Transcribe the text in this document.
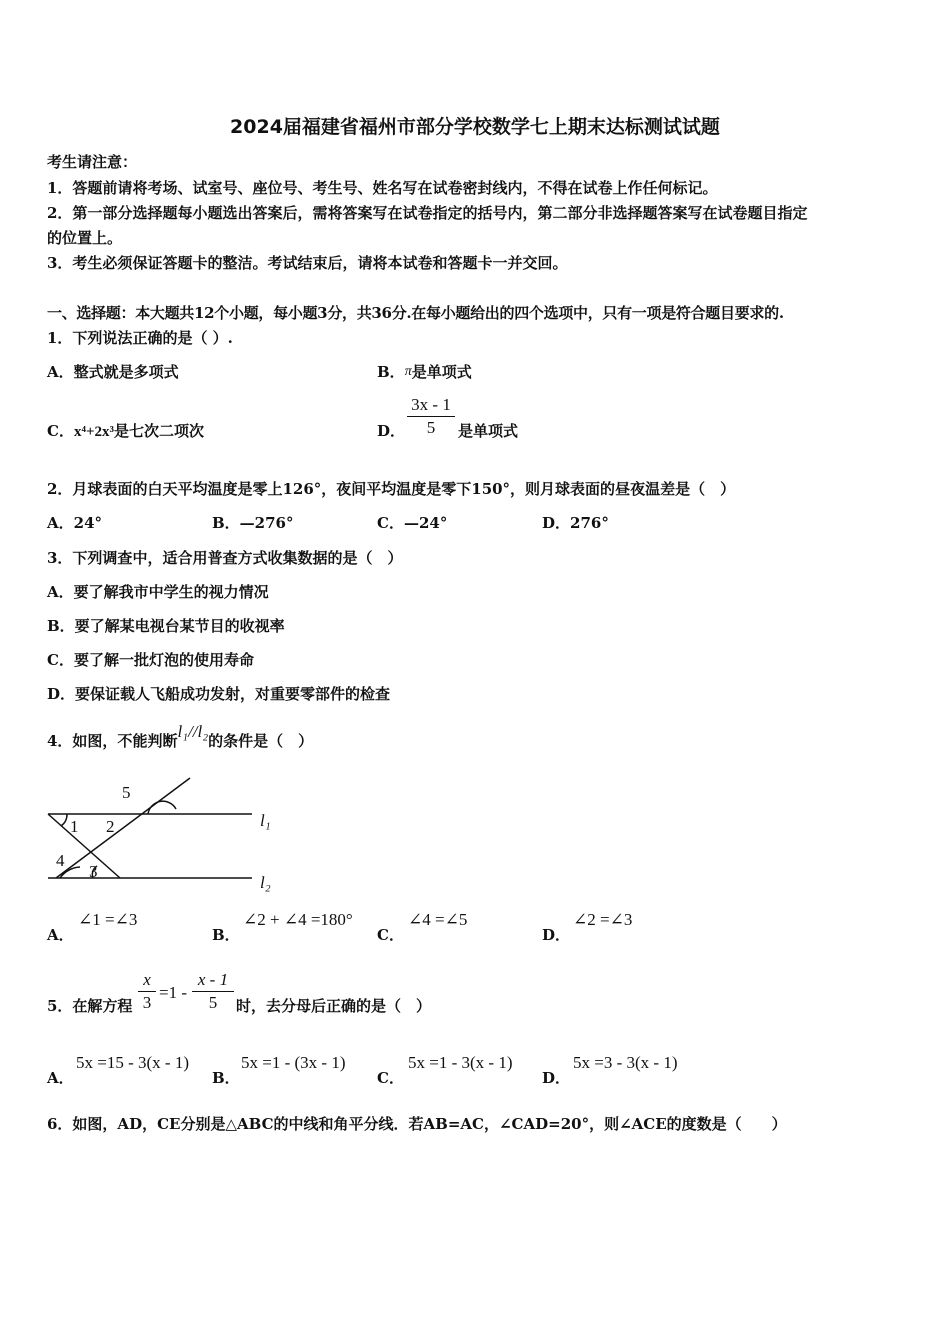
2024届福建省福州市部分学校数学七上期末达标测试试题
考生请注意：
1．答题前请将考场、试室号、座位号、考生号、姓名写在试卷密封线内，不得在试卷上作任何标记。
2．第一部分选择题每小题选出答案后，需将答案写在试卷指定的括号内，第二部分非选择题答案写在试卷题目指定
的位置上。
3．考生必须保证答题卡的整洁。考试结束后，请将本试卷和答题卡一并交回。
一、选择题：本大题共12个小题，每小题3分，共36分.在每小题给出的四个选项中，只有一项是符合题目要求的.
1．下列说法正确的是（ ）.
A．整式就是多项式	B．π是单项式
C．x⁴+2x³是七次二项次	D． $\frac{3x - 1}{5}$ 是单项式
2．月球表面的白天平均温度是零上126°，夜间平均温度是零下150°，则月球表面的昼夜温差是（　）
A．24°	B．—276°	C．—24°	D．276°
3．下列调查中，适合用普查方式收集数据的是（　）
A．要了解我市中学生的视力情况
B．要了解某电视台某节目的收视率
C．要了解一批灯泡的使用寿命
D．要保证载人飞船成功发射，对重要零部件的检查
4．如图，不能判断l₁//l₂的条件是（　）
5
1 2
4
3
l₁
l₂
A．
∠1 =∠3
B．
∠2 + ∠4 =180°
C．
∠4 =∠5
D．
∠2 =∠3
5．在解方程 $\frac{x}{3} =1 - \frac{x - 1}{5}$ 时，去分母后正确的是（　）
A．
5x =15 - 3(x - 1)
B．
5x =1 - (3x - 1)
C．
5x =1 - 3(x - 1)
D．
5x =3 - 3(x - 1)
6．如图，AD，CE分别是△ABC的中线和角平分线．若AB=AC，∠CAD=20°，则∠ACE的度数是（　　）
